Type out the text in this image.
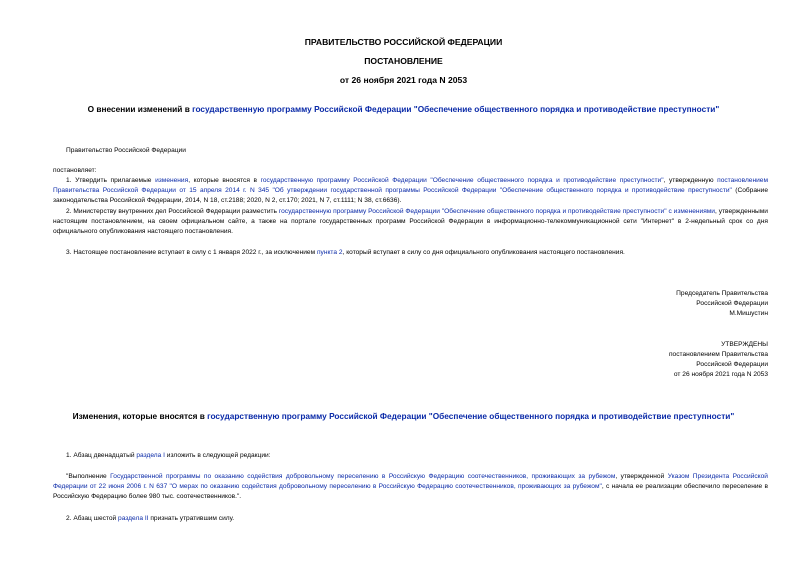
ПРАВИТЕЛЬСТВО РОССИЙСКОЙ ФЕДЕРАЦИИ
ПОСТАНОВЛЕНИЕ
от 26 ноября 2021 года N 2053
О внесении изменений в государственную программу Российской Федерации "Обеспечение общественного порядка и противодействие преступности"
Правительство Российской Федерации
постановляет:
1. Утвердить прилагаемые изменения, которые вносятся в государственную программу Российской Федерации "Обеспечение общественного порядка и противодействие преступности", утвержденную постановлением Правительства Российской Федерации от 15 апреля 2014 г. N 345 "Об утверждении государственной программы Российской Федерации "Обеспечение общественного порядка и противодействие преступности" (Собрание законодательства Российской Федерации, 2014, N 18, ст.2188; 2020, N 2, ст.170; 2021, N 7, ст.1111; N 38, ст.6636).
2. Министерству внутренних дел Российской Федерации разместить государственную программу Российской Федерации "Обеспечение общественного порядка и противодействие преступности" с изменениями, утвержденными настоящим постановлением, на своем официальном сайте, а также на портале государственных программ Российской Федерации в информационно-телекоммуникационной сети "Интернет" в 2-недельный срок со дня официального опубликования настоящего постановления.
3. Настоящее постановление вступает в силу с 1 января 2022 г., за исключением пункта 2, который вступает в силу со дня официального опубликования настоящего постановления.
Председатель Правительства
Российской Федерации
М.Мишустин
УТВЕРЖДЕНЫ
постановлением Правительства
Российской Федерации
от 26 ноября 2021 года N 2053
Изменения, которые вносятся в государственную программу Российской Федерации "Обеспечение общественного порядка и противодействие преступности"
1. Абзац двенадцатый раздела I изложить в следующей редакции:
"Выполнение Государственной программы по оказанию содействия добровольному переселению в Российскую Федерацию соотечественников, проживающих за рубежом, утвержденной Указом Президента Российской Федерации от 22 июня 2006 г. N 637 "О мерах по оказанию содействия добровольному переселению в Российскую Федерацию соотечественников, проживающих за рубежом", с начала ее реализации обеспечило переселение в Российскую Федерацию более 980 тыс. соотечественников.".
2. Абзац шестой раздела II признать утратившим силу.
